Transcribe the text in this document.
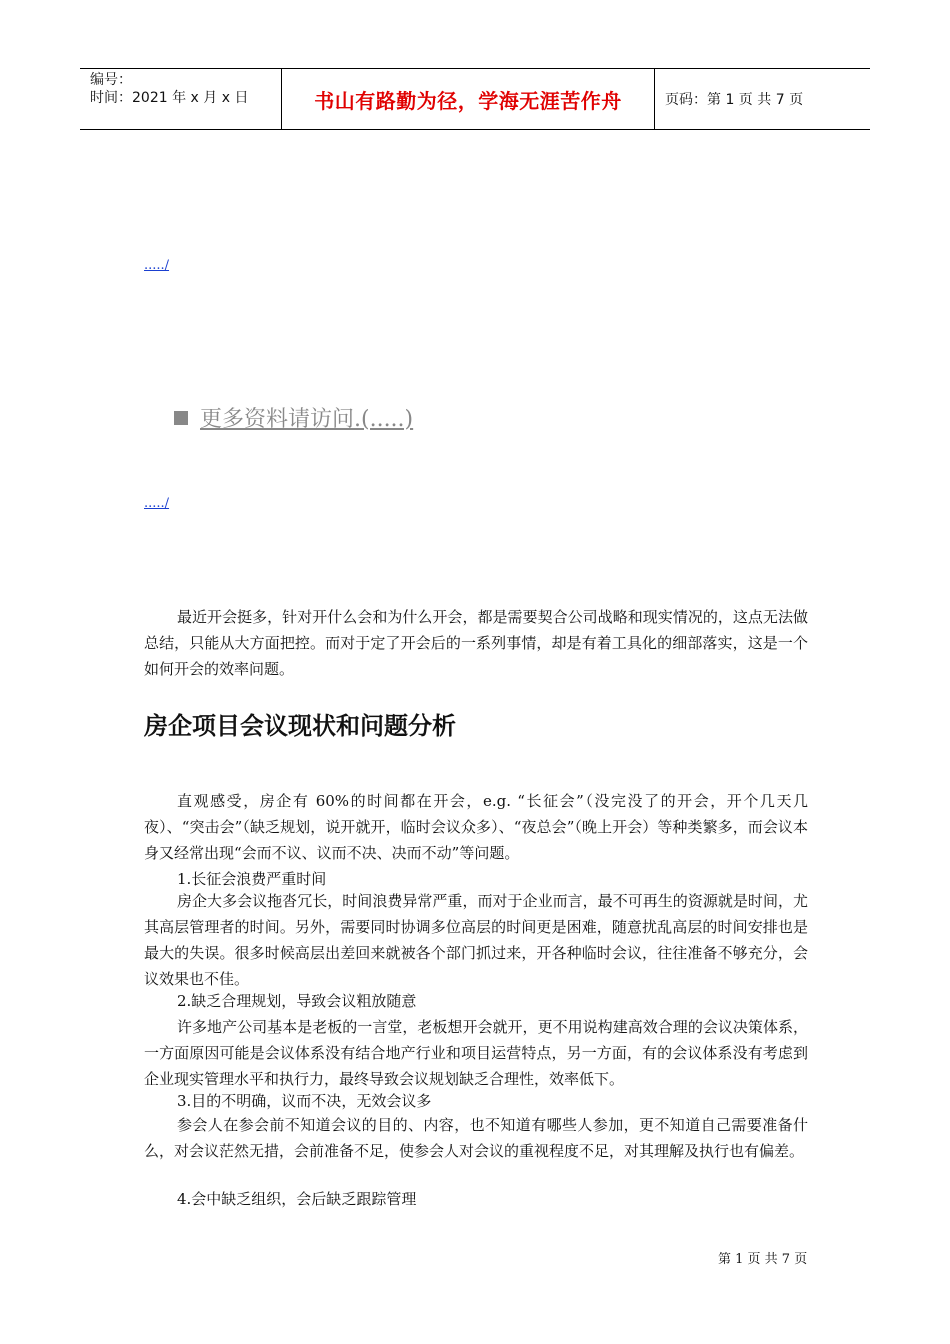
编号：
时间：2021 年 x 月 x 日	书山有路勤为径，学海无涯苦作舟	页码：第 1 页 共 7 页
...../
更多资料请访问.(.....)
...../

最近开会挺多，针对开什么会和为什么开会，都是需要契合公司战略和现实情况的，这点无法做总结，只能从大方面把控。而对于定了开会后的一系列事情，却是有着工具化的细部落实，这是一个如何开会的效率问题。

房企项目会议现状和问题分析

直观感受，房企有 60%的时间都在开会，e.g. “长征会”（没完没了的开会，开个几天几夜）、“突击会”（缺乏规划，说开就开，临时会议众多）、“夜总会”（晚上开会）等种类繁多，而会议本身又经常出现“会而不议、议而不决、决而不动”等问题。

1.长征会浪费严重时间

房企大多会议拖沓冗长，时间浪费异常严重，而对于企业而言，最不可再生的资源就是时间，尤其高层管理者的时间。另外，需要同时协调多位高层的时间更是困难，随意扰乱高层的时间安排也是最大的失误。很多时候高层出差回来就被各个部门抓过来，开各种临时会议，往往准备不够充分，会议效果也不佳。

2.缺乏合理规划，导致会议粗放随意

许多地产公司基本是老板的一言堂，老板想开会就开，更不用说构建高效合理的会议决策体系，一方面原因可能是会议体系没有结合地产行业和项目运营特点，另一方面，有的会议体系没有考虑到企业现实管理水平和执行力，最终导致会议规划缺乏合理性，效率低下。

3.目的不明确，议而不决，无效会议多

参会人在参会前不知道会议的目的、内容，也不知道有哪些人参加，更不知道自己需要准备什么，对会议茫然无措，会前准备不足，使参会人对会议的重视程度不足，对其理解及执行也有偏差。

4.会中缺乏组织，会后缺乏跟踪管理

第 1 页 共 7 页
